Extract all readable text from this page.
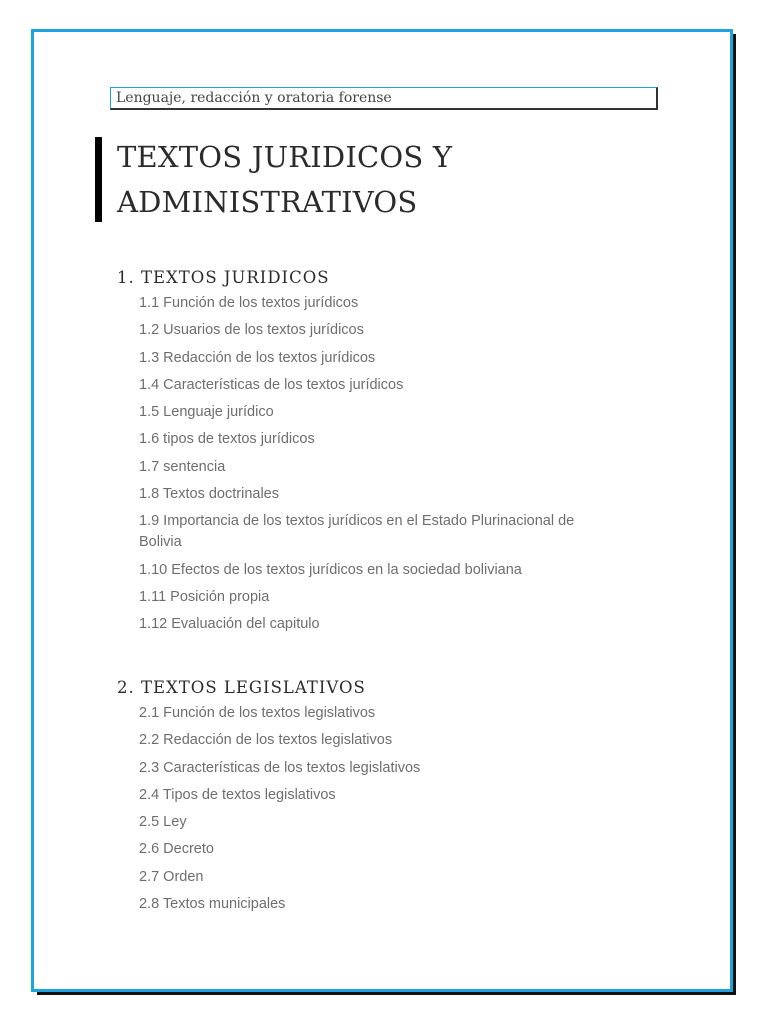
Lenguaje, redacción y oratoria forense
TEXTOS JURIDICOS Y ADMINISTRATIVOS
1. TEXTOS JURIDICOS
1.1 Función de los textos jurídicos
1.2 Usuarios de los textos jurídicos
1.3 Redacción de los textos jurídicos
1.4 Características de los textos jurídicos
1.5 Lenguaje jurídico
1.6 tipos de textos jurídicos
1.7 sentencia
1.8 Textos doctrinales
1.9 Importancia de los textos jurídicos en el Estado Plurinacional de Bolivia
1.10 Efectos de los textos jurídicos en la sociedad boliviana
1.11 Posición propia
1.12 Evaluación del capitulo
2. TEXTOS LEGISLATIVOS
2.1 Función de los textos legislativos
2.2 Redacción de los textos legislativos
2.3 Características de los textos legislativos
2.4 Tipos de textos legislativos
2.5 Ley
2.6 Decreto
2.7 Orden
2.8 Textos municipales
